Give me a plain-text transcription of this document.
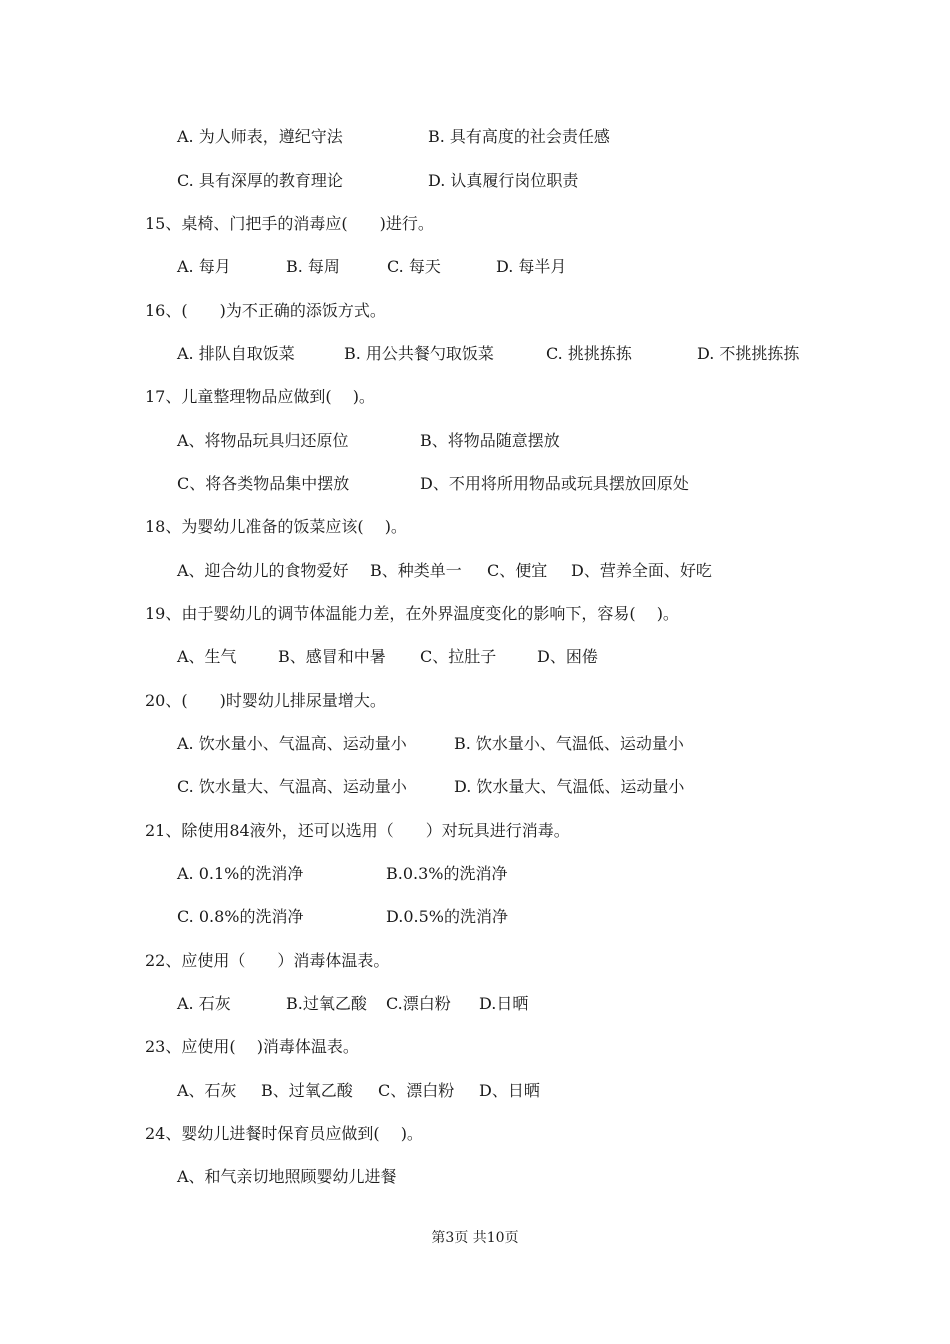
A. 为人师表，遵纪守法	B. 具有高度的社会责任感
C. 具有深厚的教育理论	D. 认真履行岗位职责
15、桌椅、门把手的消毒应(　　)进行。
A. 每月	B. 每周	C. 每天	D. 每半月
16、(　　)为不正确的添饭方式。
A. 排队自取饭菜	B. 用公共餐勺取饭菜	C. 挑挑拣拣	D. 不挑挑拣拣
17、儿童整理物品应做到(　 )。
A、将物品玩具归还原位	B、将物品随意摆放
C、将各类物品集中摆放	D、不用将所用物品或玩具摆放回原处
18、为婴幼儿准备的饭菜应该(　 )。
A、迎合幼儿的食物爱好 B、种类单一 C、便宜 D、营养全面、好吃
19、由于婴幼儿的调节体温能力差，在外界温度变化的影响下，容易(　 )。
A、生气	B、感冒和中暑 C、拉肚子	D、困倦
20、(　　)时婴幼儿排尿量增大。
A. 饮水量小、气温高、运动量小	B. 饮水量小、气温低、运动量小
C. 饮水量大、气温高、运动量小	D. 饮水量大、气温低、运动量小
21、除使用84液外，还可以选用（　　）对玩具进行消毒。
A. 0.1%的洗消净	B.0.3%的洗消净
C. 0.8%的洗消净	D.0.5%的洗消净
22、应使用（　　）消毒体温表。
A. 石灰	B.过氧乙酸 C.漂白粉 D.日晒
23、应使用(　 )消毒体温表。
A、石灰 B、过氧乙酸 C、漂白粉 D、日晒
24、婴幼儿进餐时保育员应做到(　 )。
A、和气亲切地照顾婴幼儿进餐
第3页 共10页
